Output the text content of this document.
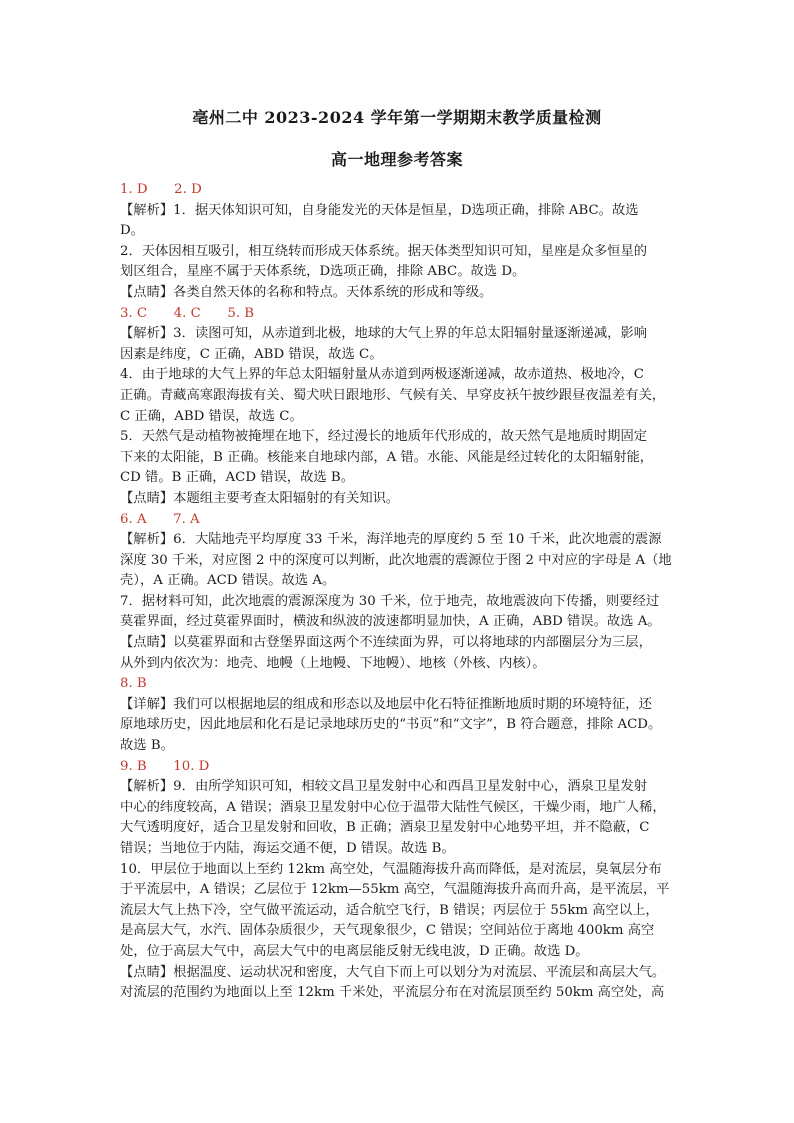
亳州二中 2023-2024 学年第一学期期末教学质量检测
高一地理参考答案
1. D　　2. D
【解析】1．据天体知识可知，自身能发光的天体是恒星，D选项正确，排除 ABC。故选
D。
2．天体因相互吸引，相互绕转而形成天体系统。据天体类型知识可知，星座是众多恒星的
划区组合，星座不属于天体系统，D选项正确，排除 ABC。故选 D。
【点睛】各类自然天体的名称和特点。天体系统的形成和等级。
3. C　　4. C　　5. B
【解析】3．读图可知，从赤道到北极，地球的大气上界的年总太阳辐射量逐渐递减，影响
因素是纬度，C 正确，ABD 错误，故选 C。
4．由于地球的大气上界的年总太阳辐射量从赤道到两极逐渐递减，故赤道热、极地冷，C
正确。青藏高寒跟海拔有关、蜀犬吠日跟地形、气候有关、早穿皮袄午披纱跟昼夜温差有关，
C 正确，ABD 错误，故选 C。
5．天然气是动植物被掩埋在地下，经过漫长的地质年代形成的，故天然气是地质时期固定
下来的太阳能，B 正确。核能来自地球内部，A 错。水能、风能是经过转化的太阳辐射能，
CD 错。B 正确，ACD 错误，故选 B。
【点睛】本题组主要考查太阳辐射的有关知识。
6. A　　7. A
【解析】6．大陆地壳平均厚度 33 千米，海洋地壳的厚度约 5 至 10 千米，此次地震的震源
深度 30 千米，对应图 2 中的深度可以判断，此次地震的震源位于图 2 中对应的字母是 A（地
壳），A 正确。ACD 错误。故选 A。
7．据材料可知，此次地震的震源深度为 30 千米，位于地壳，故地震波向下传播，则要经过
莫霍界面，经过莫霍界面时，横波和纵波的波速都明显加快，A 正确，ABD 错误。故选 A。
【点睛】以莫霍界面和古登堡界面这两个不连续面为界，可以将地球的内部圈层分为三层，
从外到内依次为：地壳、地幔（上地幔、下地幔）、地核（外核、内核）。
8. B
【详解】我们可以根据地层的组成和形态以及地层中化石特征推断地质时期的环境特征，还
原地球历史，因此地层和化石是记录地球历史的“书页”和“文字”，B 符合题意，排除 ACD。
故选 B。
9. B　　10. D
【解析】9．由所学知识可知，相较文昌卫星发射中心和西昌卫星发射中心，酒泉卫星发射
中心的纬度较高，A 错误；酒泉卫星发射中心位于温带大陆性气候区，干燥少雨，地广人稀，
大气透明度好，适合卫星发射和回收，B 正确；酒泉卫星发射中心地势平坦，并不隐蔽，C
错误；当地位于内陆，海运交通不便，D 错误。故选 B。
10．甲层位于地面以上至约 12km 高空处，气温随海拔升高而降低，是对流层，臭氧层分布
于平流层中，A 错误；乙层位于 12km—55km 高空，气温随海拔升高而升高，是平流层，平
流层大气上热下冷，空气做平流运动，适合航空飞行，B 错误；丙层位于 55km 高空以上，
是高层大气，水汽、固体杂质很少，天气现象很少，C 错误；空间站位于离地 400km 高空
处，位于高层大气中，高层大气中的电离层能反射无线电波，D 正确。故选 D。
【点睛】根据温度、运动状况和密度，大气自下而上可以划分为对流层、平流层和高层大气。
对流层的范围约为地面以上至 12km 千米处，平流层分布在对流层顶至约 50km 高空处，高
